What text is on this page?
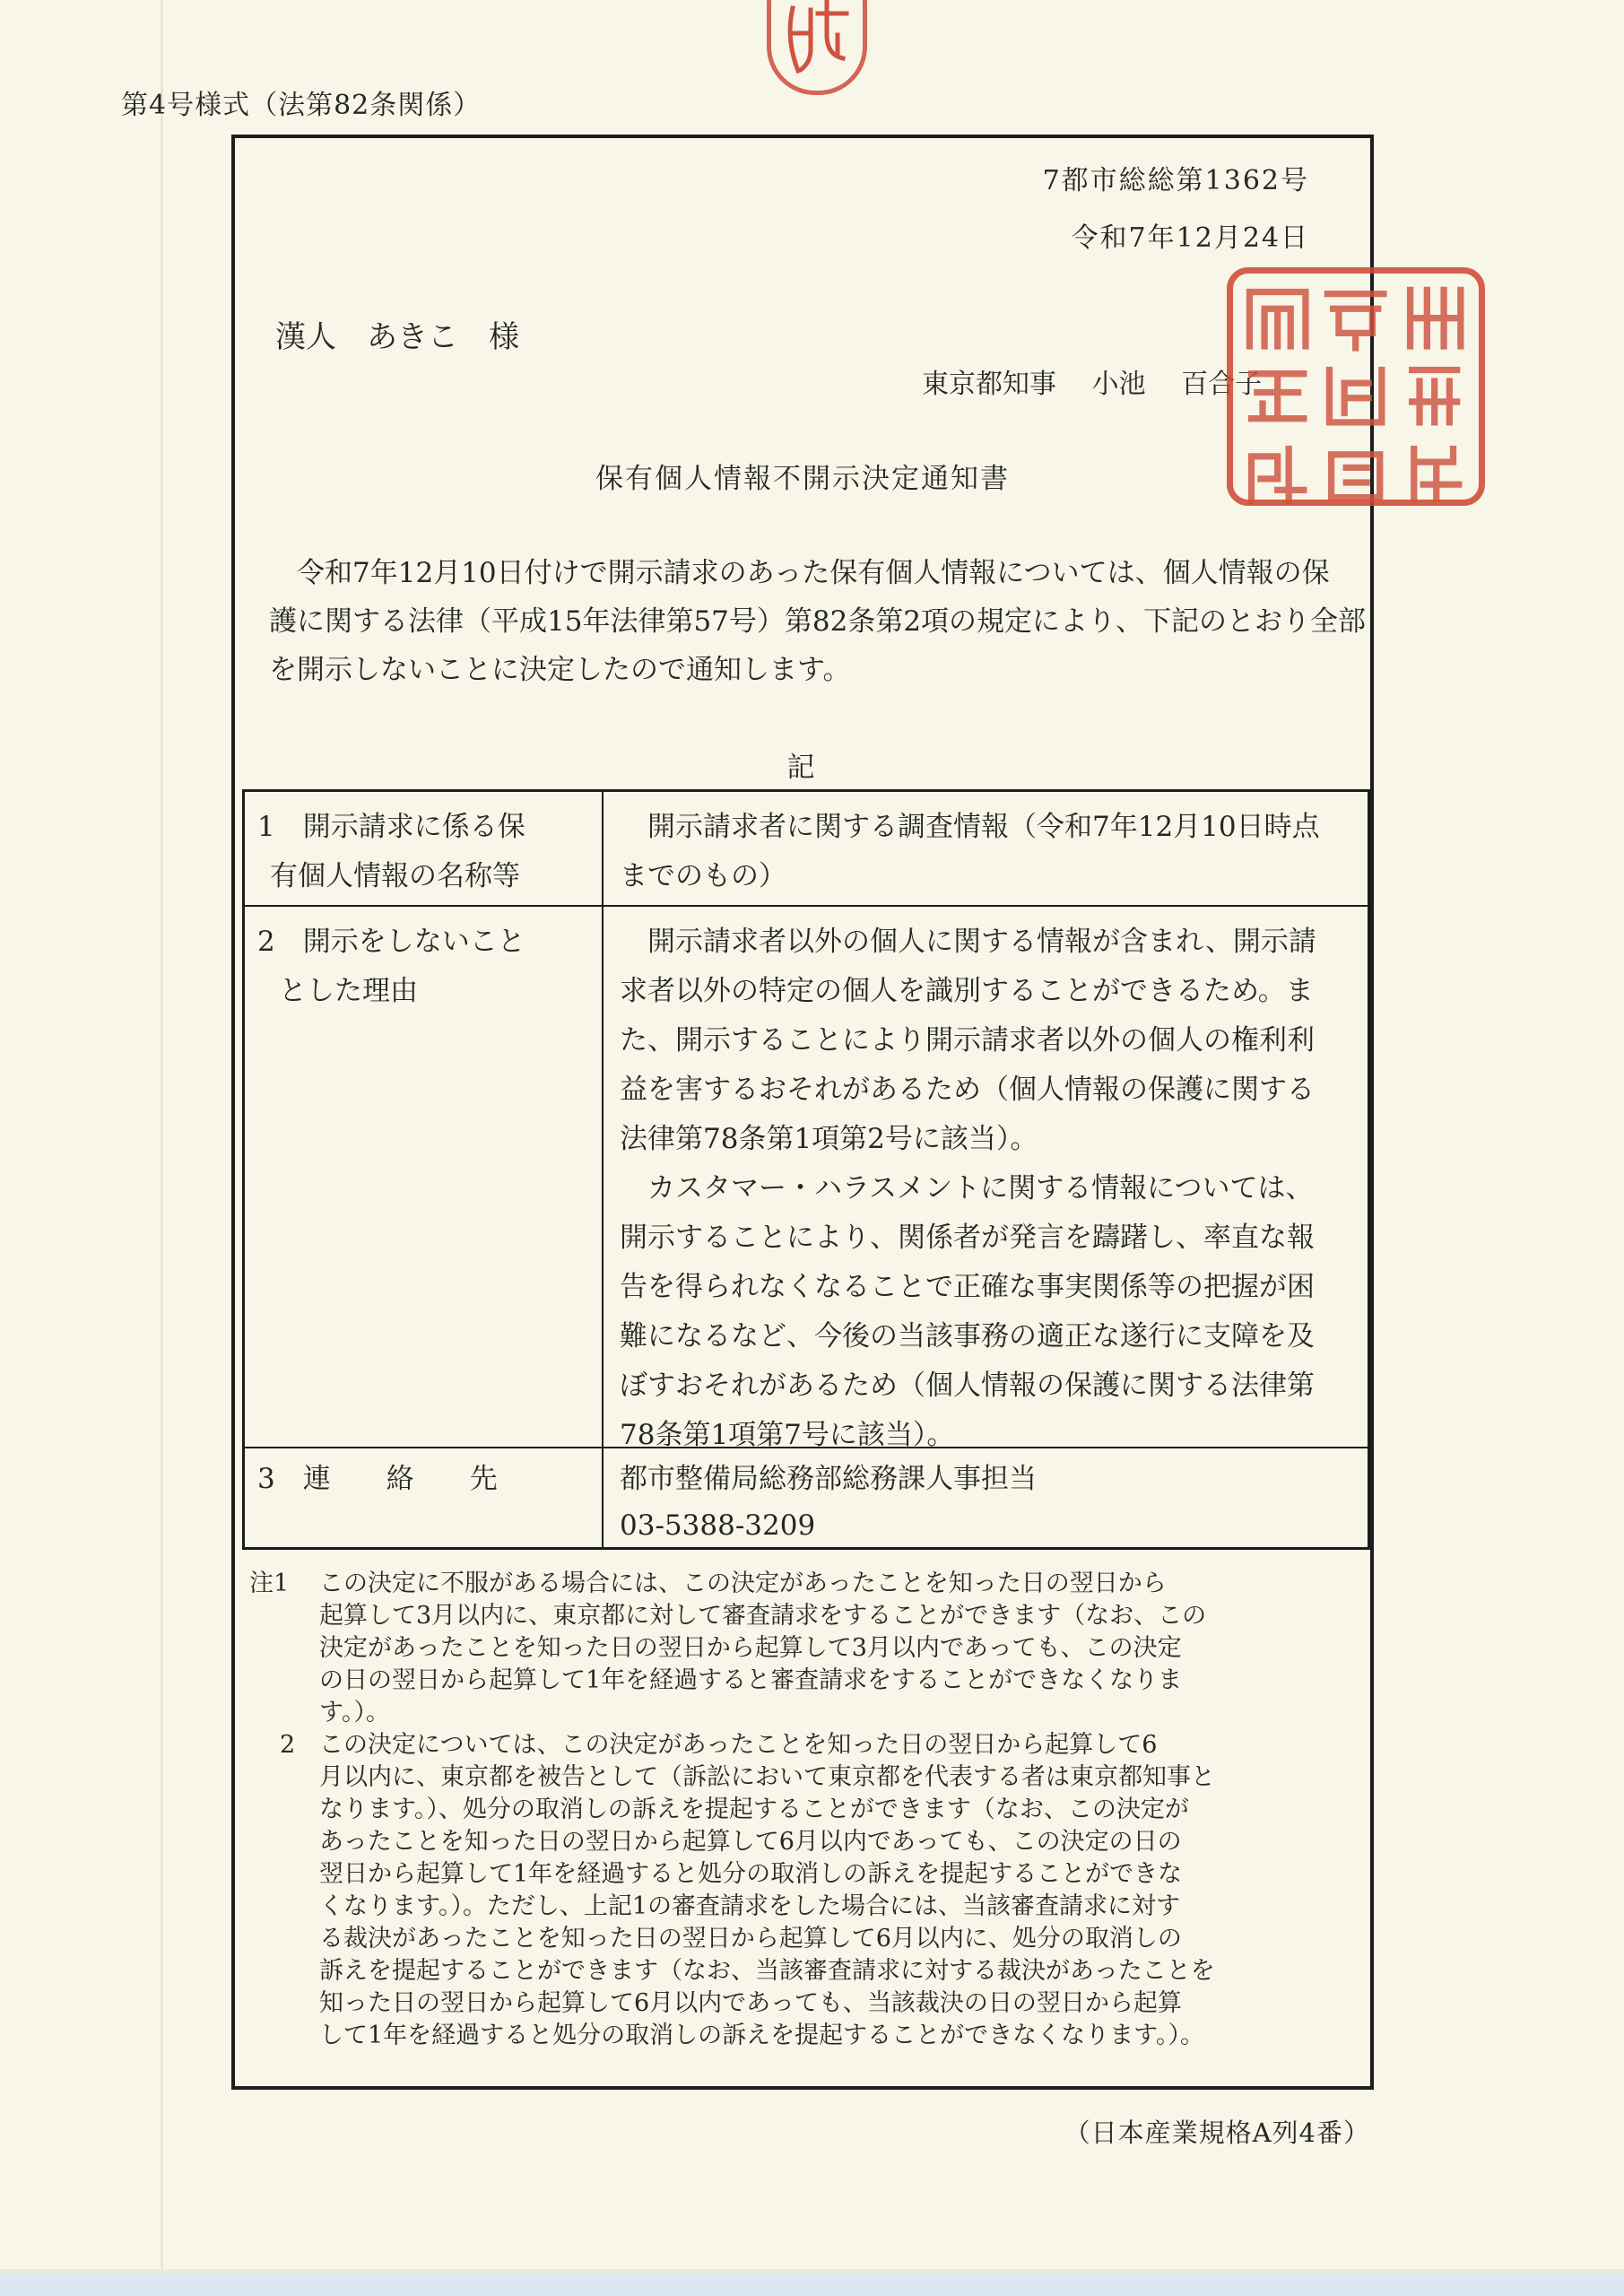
第4号様式（法第82条関係）
7都市総総第1362号
令和7年12月24日
漢人　あきこ　様
東京都知事　 小池　 百合子
保有個人情報不開示決定通知書
　令和7年12月10日付けで開示請求のあった保有個人情報については、個人情報の保
護に関する法律（平成15年法律第57号）第82条第2項の規定により、下記のとおり全部
を開示しないことに決定したので通知します。
記
1　開示請求に係る保
有個人情報の名称等
　開示請求者に関する調査情報（令和7年12月10日時点
までのもの）
2　開示をしないこと
とした理由
　開示請求者以外の個人に関する情報が含まれ、開示請
求者以外の特定の個人を識別することができるため。ま
た、開示することにより開示請求者以外の個人の権利利
益を害するおそれがあるため（個人情報の保護に関する
法律第78条第1項第2号に該当）。
　カスタマー・ハラスメントに関する情報については、
開示することにより、関係者が発言を躊躇し、率直な報
告を得られなくなることで正確な事実関係等の把握が困
難になるなど、今後の当該事務の適正な遂行に支障を及
ぼすおそれがあるため（個人情報の保護に関する法律第
78条第1項第7号に該当）。
3　連　　絡　　先	都市整備局総務部総務課人事担当
03-5388-3209
注1	この決定に不服がある場合には、この決定があったことを知った日の翌日から
起算して3月以内に、東京都に対して審査請求をすることができます（なお、この
決定があったことを知った日の翌日から起算して3月以内であっても、この決定
の日の翌日から起算して1年を経過すると審査請求をすることができなくなりま
す。）。
2 この決定については、この決定があったことを知った日の翌日から起算して6
月以内に、東京都を被告として（訴訟において東京都を代表する者は東京都知事と
なります。）、処分の取消しの訴えを提起することができます（なお、この決定が
あったことを知った日の翌日から起算して6月以内であっても、この決定の日の
翌日から起算して1年を経過すると処分の取消しの訴えを提起することができな
くなります。）。ただし、上記1の審査請求をした場合には、当該審査請求に対す
る裁決があったことを知った日の翌日から起算して6月以内に、処分の取消しの
訴えを提起することができます（なお、当該審査請求に対する裁決があったことを
知った日の翌日から起算して6月以内であっても、当該裁決の日の翌日から起算
して1年を経過すると処分の取消しの訴えを提起することができなくなります。）。
（日本産業規格A列4番）
